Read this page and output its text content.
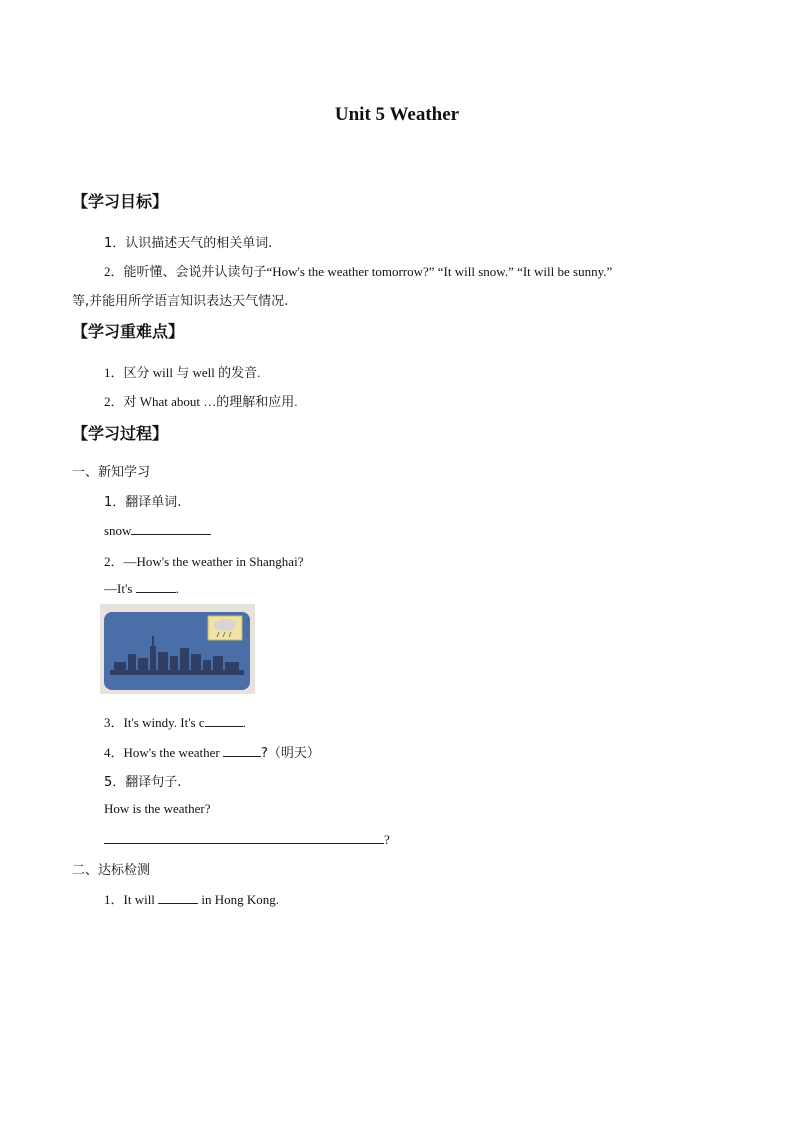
Unit 5 Weather
【学习目标】
1．认识描述天气的相关单词.
2．能听懂、会说并认读句子“How's the weather tomorrow?” “It will snow.” “It will be sunny.”
等,并能用所学语言知识表达天气情况.
【学习重难点】
1．区分 will 与 well 的发音.
2．对 What about …的理解和应用.
【学习过程】
一、新知学习
1．翻译单词.
snow
2．—How's the weather in Shanghai?
—It's	.
3．It's windy. It's c	.
4．How's the weather	?（明天）
5．翻译句子.
How is the weather?
?
二、达标检测
1．It will	in Hong Kong.
